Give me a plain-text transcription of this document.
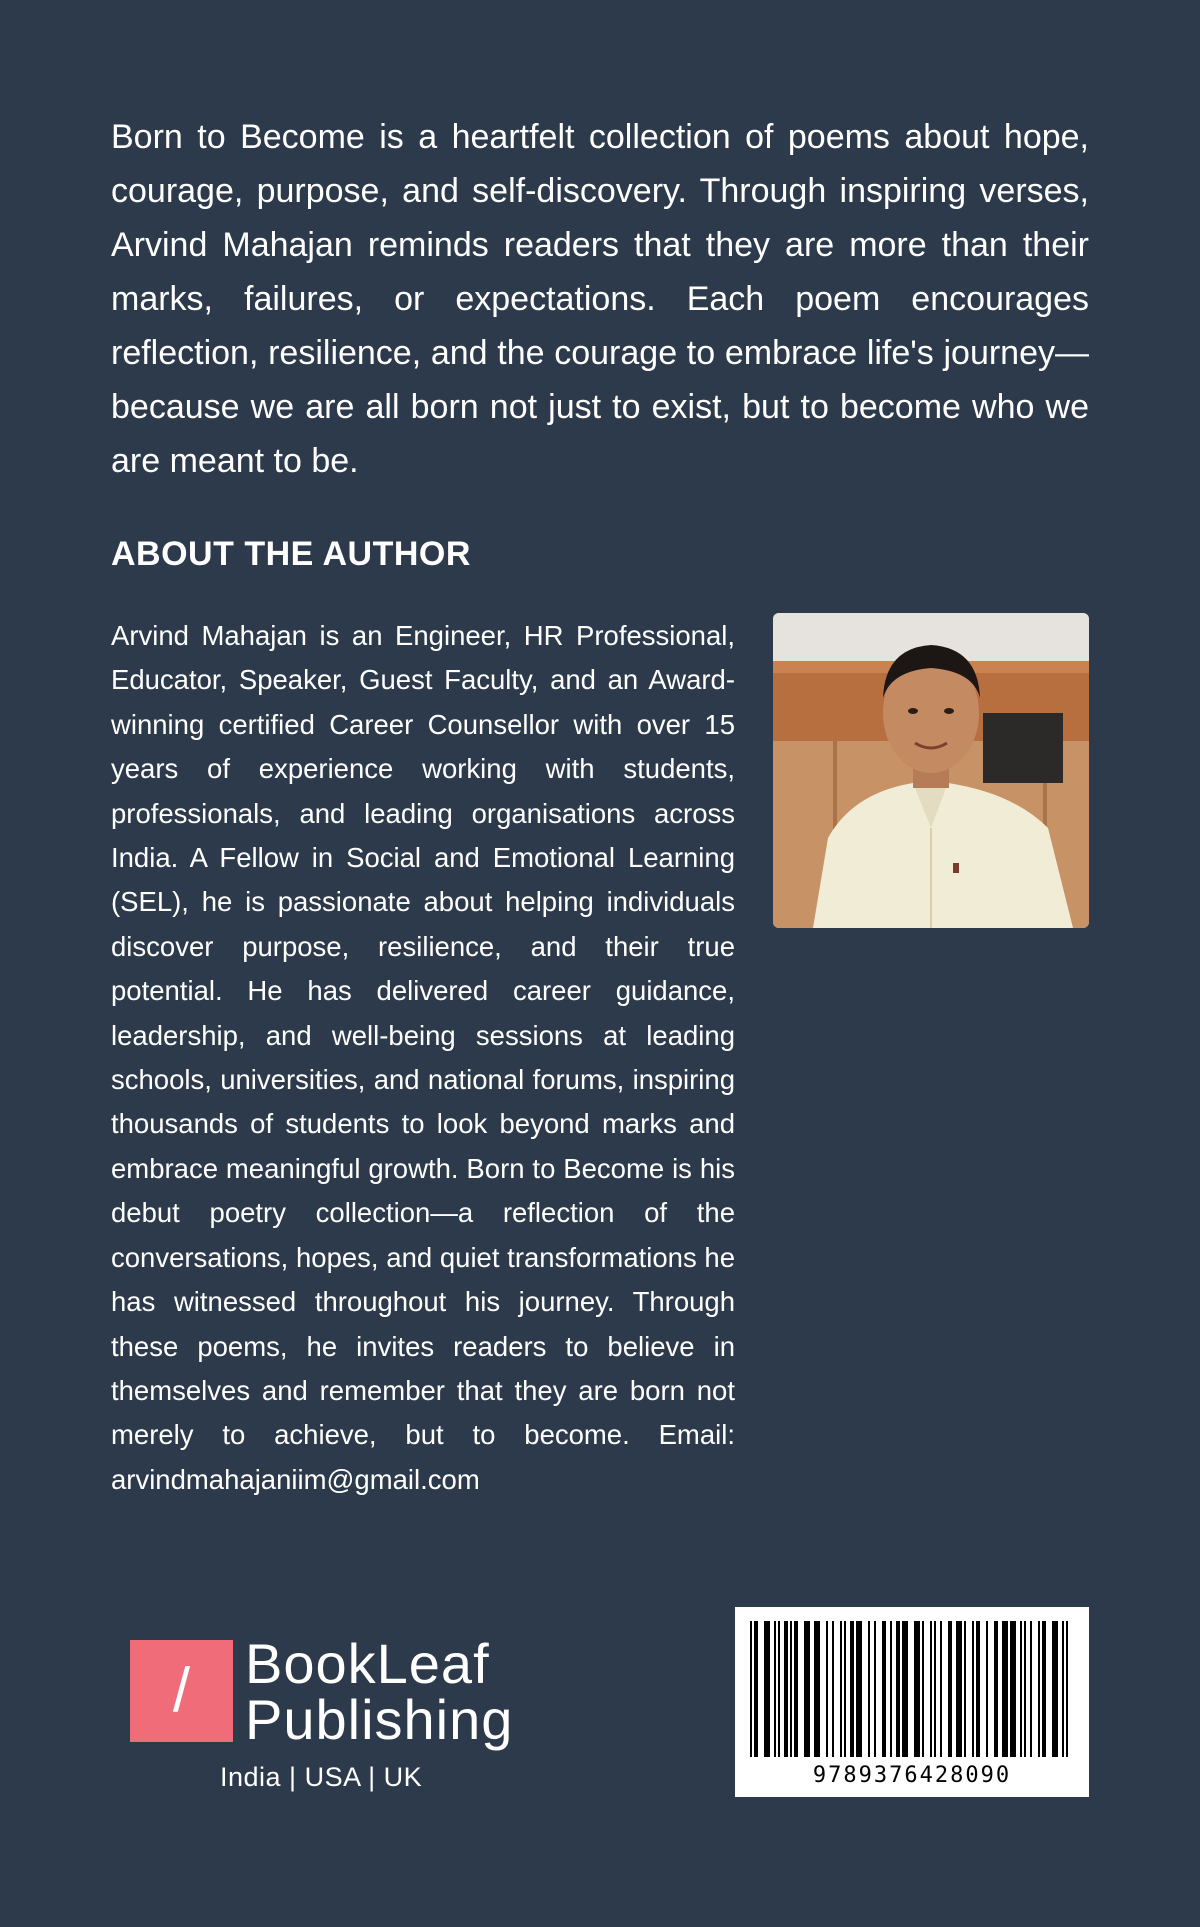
Born to Become is a heartfelt collection of poems about hope, courage, purpose, and self-discovery. Through inspiring verses, Arvind Mahajan reminds readers that they are more than their marks, failures, or expectations. Each poem encourages reflection, resilience, and the courage to embrace life's journey—because we are all born not just to exist, but to become who we are meant to be.

ABOUT THE AUTHOR

Arvind Mahajan is an Engineer, HR Professional, Educator, Speaker, Guest Faculty, and an Award-winning certified Career Counsellor with over 15 years of experience working with students, professionals, and leading organisations across India. A Fellow in Social and Emotional Learning (SEL), he is passionate about helping individuals discover purpose, resilience, and their true potential. He has delivered career guidance, leadership, and well-being sessions at leading schools, universities, and national forums, inspiring thousands of students to look beyond marks and embrace meaningful growth. Born to Become is his debut poetry collection—a reflection of the conversations, hopes, and quiet transformations he has witnessed throughout his journey. Through these poems, he invites readers to believe in themselves and remember that they are born not merely to achieve, but to become. Email: arvindmahajaniim@gmail.com

/ BookLeaf
Publishing
India | USA | UK	9789376428090
